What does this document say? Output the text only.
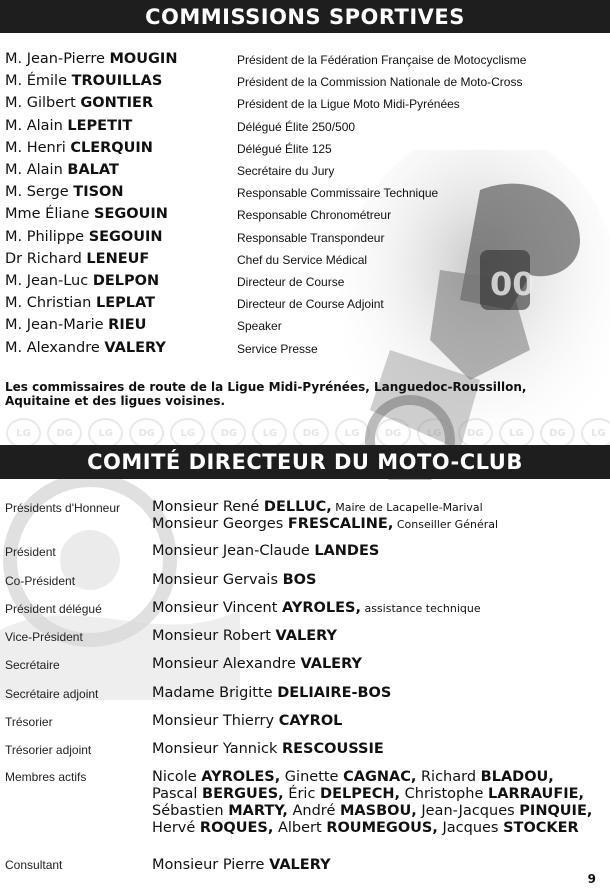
00
COMMISSIONS SPORTIVES
M. Jean-Pierre MOUGIN	Président de la Fédération Française de Motocyclisme
M. Émile TROUILLAS	Président de la Commission Nationale de Moto-Cross
M. Gilbert GONTIER	Président de la Ligue Moto Midi-Pyrénées
M. Alain LEPETIT	Délégué Élite 250/500
M. Henri CLERQUIN	Délégué Élite 125
M. Alain BALAT	Secrétaire du Jury
M. Serge TISON	Responsable Commissaire Technique
Mme Éliane SEGOUIN	Responsable Chronométreur
M. Philippe SEGOUIN	Responsable Transpondeur
Dr Richard LENEUF	Chef du Service Médical
M. Jean-Luc DELPON	Directeur de Course
M. Christian LEPLAT	Directeur de Course Adjoint
M. Jean-Marie RIEU	Speaker
M. Alexandre VALERY	Service Presse
Les commissaires de route de la Ligue Midi-Pyrénées, Languedoc-Roussillon, Aquitaine et des ligues voisines.
LG	DG	LG	DG	LG	DG	LG	DG	LG	DG	LG	DG	LG	DG	LG
COMITÉ DIRECTEUR DU MOTO-CLUB
Présidents d'Honneur Monsieur René DELLUC, Maire de Lacapelle-Marival
Monsieur Georges FRESCALINE, Conseiller Général
Président	Monsieur Jean-Claude LANDES
Co-Président	Monsieur Gervais BOS
Président délégué	Monsieur Vincent AYROLES, assistance technique
Vice-Président	Monsieur Robert VALERY
Secrétaire	Monsieur Alexandre VALERY
Secrétaire adjoint	Madame Brigitte DELIAIRE-BOS
Trésorier	Monsieur Thierry CAYROL
Trésorier adjoint	Monsieur Yannick RESCOUSSIE
Membres actifs	Nicole AYROLES, Ginette CAGNAC, Richard BLADOU,
Pascal BERGUES, Éric DELPECH, Christophe LARRAUFIE,
Sébastien MARTY, André MASBOU, Jean-Jacques PINQUIE,
Hervé ROQUES, Albert ROUMEGOUS, Jacques STOCKER
Consultant	Monsieur Pierre VALERY
9
